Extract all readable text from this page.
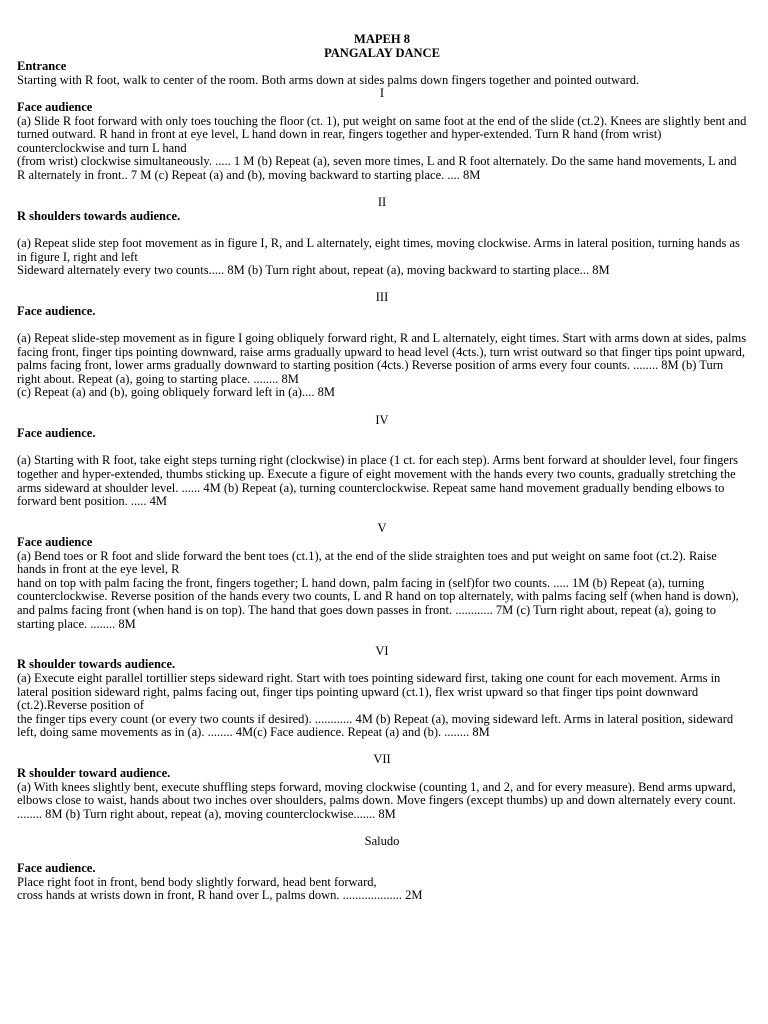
MAPEH 8

PANGALAY DANCE

Entrance

Starting with R foot, walk to center of the room. Both arms down at sides palms down fingers together and pointed outward.

I

Face audience

(a) Slide R foot forward with only toes touching the floor (ct. 1), put weight on same foot at the end of the slide (ct.2). Knees are slightly bent and turned outward. R hand in front at eye level, L hand down in rear, fingers together and hyper-extended. Turn R hand (from wrist) counterclockwise and turn L hand

(from wrist) clockwise simultaneously. ..... 1 M (b) Repeat (a), seven more times, L and R foot alternately. Do the same hand movements, L and R alternately in front.. 7 M (c) Repeat (a) and (b), moving backward to starting place. .... 8M

II

R shoulders towards audience.

(a) Repeat slide step foot movement as in figure I, R, and L alternately, eight times, moving clockwise. Arms in lateral position, turning hands as in figure I, right and left

Sideward alternately every two counts..... 8M (b) Turn right about, repeat (a), moving backward to starting place... 8M

III

Face audience.

(a) Repeat slide-step movement as in figure I going obliquely forward right, R and L alternately, eight times. Start with arms down at sides, palms facing front, finger tips pointing downward, raise arms gradually upward to head level (4cts.), turn wrist outward so that finger tips point upward, palms facing front, lower arms gradually downward to starting position (4cts.) Reverse position of arms every four counts. ........ 8M (b) Turn right about. Repeat (a), going to starting place. ........ 8M

(c) Repeat (a) and (b), going obliquely forward left in (a).... 8M

IV

Face audience.

(a) Starting with R foot, take eight steps turning right (clockwise) in place (1 ct. for each step). Arms bent forward at shoulder level, four fingers together and hyper-extended, thumbs sticking up. Execute a figure of eight movement with the hands every two counts, gradually stretching the arms sideward at shoulder level. ...... 4M (b) Repeat (a), turning counterclockwise. Repeat same hand movement gradually bending elbows to forward bent position. ..... 4M

V

Face audience

(a) Bend toes or R foot and slide forward the bent toes (ct.1), at the end of the slide straighten toes and put weight on same foot (ct.2). Raise hands in front at the eye level, R

hand on top with palm facing the front, fingers together; L hand down, palm facing in (self)for two counts. ..... 1M (b) Repeat (a), turning counterclockwise. Reverse position of the hands every two counts, L and R hand on top alternately, with palms facing self (when hand is down), and palms facing front (when hand is on top). The hand that goes down passes in front. ............ 7M (c) Turn right about, repeat (a), going to starting place. ........ 8M

VI

R shoulder towards audience.

(a) Execute eight parallel tortillier steps sideward right. Start with toes pointing sideward first, taking one count for each movement. Arms in lateral position sideward right, palms facing out, finger tips pointing upward (ct.1), flex wrist upward so that finger tips point downward (ct.2).Reverse position of

the finger tips every count (or every two counts if desired). ............ 4M (b) Repeat (a), moving sideward left. Arms in lateral position, sideward left, doing same movements as in (a). ........ 4M(c) Face audience. Repeat (a) and (b). ........ 8M

VII

R shoulder toward audience.

(a) With knees slightly bent, execute shuffling steps forward, moving clockwise (counting 1, and 2, and for every measure). Bend arms upward, elbows close to waist, hands about two inches over shoulders, palms down. Move fingers (except thumbs) up and down alternately every count. ........ 8M (b) Turn right about, repeat (a), moving counterclockwise....... 8M

Saludo

Face audience.

Place right foot in front, bend body slightly forward, head bent forward,

cross hands at wrists down in front, R hand over L, palms down. ................... 2M
